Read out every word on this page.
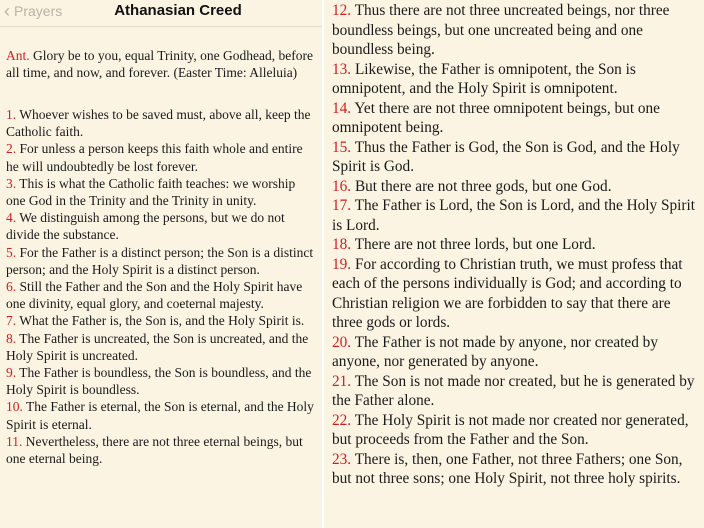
‹ Prayers	Athanasian Creed

Ant. Glory be to you, equal Trinity, one Godhead, before all time, and now, and forever. (Easter Time: Alleluia)

1. Whoever wishes to be saved must, above all, keep the Catholic faith.

2. For unless a person keeps this faith whole and entire he will undoubtedly be lost forever.

3. This is what the Catholic faith teaches: we worship one God in the Trinity and the Trinity in unity.

4. We distinguish among the persons, but we do not divide the substance.

5. For the Father is a distinct person; the Son is a distinct person; and the Holy Spirit is a distinct person.

6. Still the Father and the Son and the Holy Spirit have one divinity, equal glory, and coeternal majesty.

7. What the Father is, the Son is, and the Holy Spirit is.

8. The Father is uncreated, the Son is uncreated, and the Holy Spirit is uncreated.

9. The Father is boundless, the Son is boundless, and the Holy Spirit is boundless.

10. The Father is eternal, the Son is eternal, and the Holy Spirit is eternal.

11. Nevertheless, there are not three eternal beings, but one eternal being.

12. Thus there are not three uncreated beings, nor three boundless beings, but one uncreated being and one boundless being.

13. Likewise, the Father is omnipotent, the Son is omnipotent, and the Holy Spirit is omnipotent.

14. Yet there are not three omnipotent beings, but one omnipotent being.

15. Thus the Father is God, the Son is God, and the Holy Spirit is God.

16. But there are not three gods, but one God.

17. The Father is Lord, the Son is Lord, and the Holy Spirit is Lord.

18. There are not three lords, but one Lord.

19. For according to Christian truth, we must profess that each of the persons individually is God; and according to Christian religion we are forbidden to say that there are three gods or lords.

20. The Father is not made by anyone, nor created by anyone, nor generated by anyone.

21. The Son is not made nor created, but he is generated by the Father alone.

22. The Holy Spirit is not made nor created nor generated, but proceeds from the Father and the Son.

23. There is, then, one Father, not three Fathers; one Son, but not three sons; one Holy Spirit, not three holy spirits.
